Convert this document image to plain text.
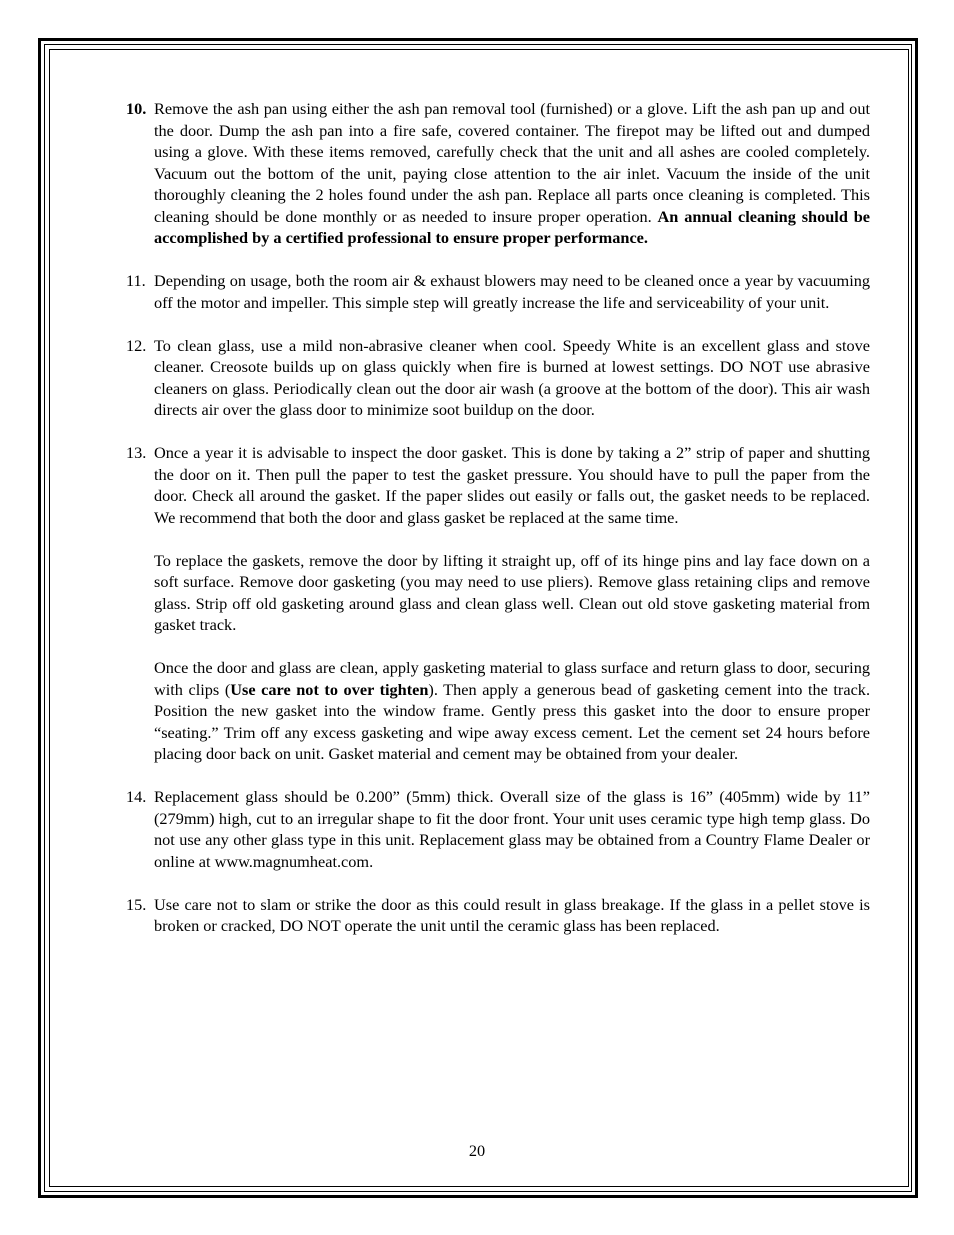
10. Remove the ash pan using either the ash pan removal tool (furnished) or a glove. Lift the ash pan up and out the door. Dump the ash pan into a fire safe, covered container. The firepot may be lifted out and dumped using a glove. With these items removed, carefully check that the unit and all ashes are cooled completely. Vacuum out the bottom of the unit, paying close attention to the air inlet. Vacuum the inside of the unit thoroughly cleaning the 2 holes found under the ash pan. Replace all parts once cleaning is completed. This cleaning should be done monthly or as needed to insure proper operation. An annual cleaning should be accomplished by a certified professional to ensure proper performance.

11. Depending on usage, both the room air & exhaust blowers may need to be cleaned once a year by vacuuming off the motor and impeller. This simple step will greatly increase the life and serviceability of your unit.

12. To clean glass, use a mild non-abrasive cleaner when cool. Speedy White is an excellent glass and stove cleaner. Creosote builds up on glass quickly when fire is burned at lowest settings. DO NOT use abrasive cleaners on glass. Periodically clean out the door air wash (a groove at the bottom of the door). This air wash directs air over the glass door to minimize soot buildup on the door.

13. Once a year it is advisable to inspect the door gasket. This is done by taking a 2” strip of paper and shutting the door on it. Then pull the paper to test the gasket pressure. You should have to pull the paper from the door. Check all around the gasket. If the paper slides out easily or falls out, the gasket needs to be replaced. We recommend that both the door and glass gasket be replaced at the same time.

To replace the gaskets, remove the door by lifting it straight up, off of its hinge pins and lay face down on a soft surface. Remove door gasketing (you may need to use pliers). Remove glass retaining clips and remove glass. Strip off old gasketing around glass and clean glass well. Clean out old stove gasketing material from gasket track.

Once the door and glass are clean, apply gasketing material to glass surface and return glass to door, securing with clips (Use care not to over tighten). Then apply a generous bead of gasketing cement into the track. Position the new gasket into the window frame. Gently press this gasket into the door to ensure proper “seating.” Trim off any excess gasketing and wipe away excess cement. Let the cement set 24 hours before placing door back on unit. Gasket material and cement may be obtained from your dealer.

14. Replacement glass should be 0.200” (5mm) thick. Overall size of the glass is 16” (405mm) wide by 11” (279mm) high, cut to an irregular shape to fit the door front. Your unit uses ceramic type high temp glass. Do not use any other glass type in this unit. Replacement glass may be obtained from a Country Flame Dealer or online at www.magnumheat.com.

15. Use care not to slam or strike the door as this could result in glass breakage. If the glass in a pellet stove is broken or cracked, DO NOT operate the unit until the ceramic glass has been replaced.

20
